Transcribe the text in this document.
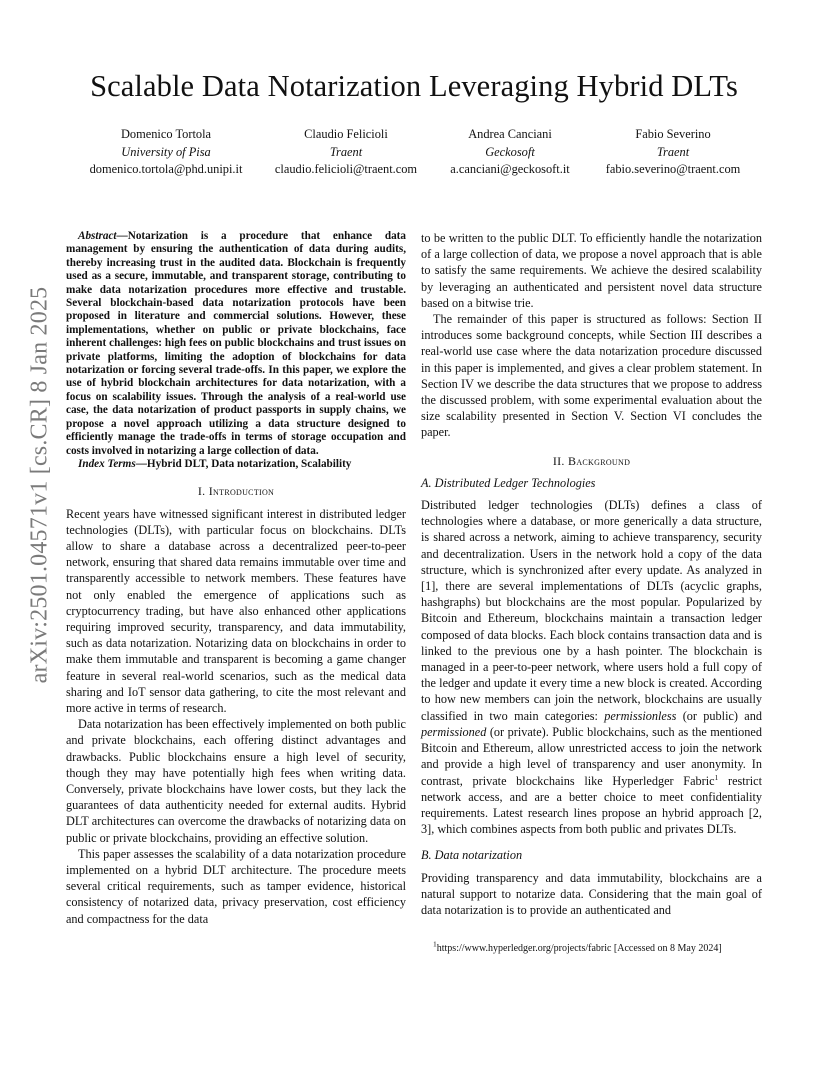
Scalable Data Notarization Leveraging Hybrid DLTs
Domenico Tortola
University of Pisa
domenico.tortola@phd.unipi.it
Claudio Felicioli
Traent
claudio.felicioli@traent.com
Andrea Canciani
Geckosoft
a.canciani@geckosoft.it
Fabio Severino
Traent
fabio.severino@traent.com
arXiv:2501.04571v1 [cs.CR] 8 Jan 2025

Abstract—Notarization is a procedure that enhance data management by ensuring the authentication of data during audits, thereby increasing trust in the audited data. Blockchain is frequently used as a secure, immutable, and transparent storage, contributing to make data notarization procedures more effective and trustable. Several blockchain-based data notarization protocols have been proposed in literature and commercial solutions. However, these implementations, whether on public or private blockchains, face inherent challenges: high fees on public blockchains and trust issues on private platforms, limiting the adoption of blockchains for data notarization or forcing several trade-offs. In this paper, we explore the use of hybrid blockchain architectures for data notarization, with a focus on scalability issues. Through the analysis of a real-world use case, the data notarization of product passports in supply chains, we propose a novel approach utilizing a data structure designed to efficiently manage the trade-offs in terms of storage occupation and costs involved in notarizing a large collection of data.

Index Terms—Hybrid DLT, Data notarization, Scalability

I. Introduction

Recent years have witnessed significant interest in distributed ledger technologies (DLTs), with particular focus on blockchains. DLTs allow to share a database across a decentralized peer-to-peer network, ensuring that shared data remains immutable over time and transparently accessible to network members. These features have not only enabled the emergence of applications such as cryptocurrency trading, but have also enhanced other applications requiring improved security, transparency, and data immutability, such as data notarization. Notarizing data on blockchains in order to make them immutable and transparent is becoming a game changer feature in several real-world scenarios, such as the medical data sharing and IoT sensor data gathering, to cite the most relevant and more active in terms of research.

Data notarization has been effectively implemented on both public and private blockchains, each offering distinct advantages and drawbacks. Public blockchains ensure a high level of security, though they may have potentially high fees when writing data. Conversely, private blockchains have lower costs, but they lack the guarantees of data authenticity needed for external audits. Hybrid DLT architectures can overcome the drawbacks of notarizing data on public or private blockchains, providing an effective solution.

This paper assesses the scalability of a data notarization procedure implemented on a hybrid DLT architecture. The procedure meets several critical requirements, such as tamper evidence, historical consistency of notarized data, privacy preservation, cost efficiency and compactness for the data

to be written to the public DLT. To efficiently handle the notarization of a large collection of data, we propose a novel approach that is able to satisfy the same requirements. We achieve the desired scalability by leveraging an authenticated and persistent novel data structure based on a bitwise trie.

The remainder of this paper is structured as follows: Section II introduces some background concepts, while Section III describes a real-world use case where the data notarization procedure discussed in this paper is implemented, and gives a clear problem statement. In Section IV we describe the data structures that we propose to address the discussed problem, with some experimental evaluation about the size scalability presented in Section V. Section VI concludes the paper.

II. Background
A. Distributed Ledger Technologies

Distributed ledger technologies (DLTs) defines a class of technologies where a database, or more generically a data structure, is shared across a network, aiming to achieve transparency, security and decentralization. Users in the network hold a copy of the data structure, which is synchronized after every update. As analyzed in [1], there are several implementations of DLTs (acyclic graphs, hashgraphs) but blockchains are the most popular. Popularized by Bitcoin and Ethereum, blockchains maintain a transaction ledger composed of data blocks. Each block contains transaction data and is linked to the previous one by a hash pointer. The blockchain is managed in a peer-to-peer network, where users hold a full copy of the ledger and update it every time a new block is created. According to how new members can join the network, blockchains are usually classified in two main categories: permissionless (or public) and permissioned (or private). Public blockchains, such as the mentioned Bitcoin and Ethereum, allow unrestricted access to join the network and provide a high level of transparency and user anonymity. In contrast, private blockchains like Hyperledger Fabric$^1$ restrict network access, and are a better choice to meet confidentiality requirements. Latest research lines propose an hybrid approach [2, 3], which combines aspects from both public and privates DLTs.

B. Data notarization

Providing transparency and data immutability, blockchains are a natural support to notarize data. Considering that the main goal of data notarization is to provide an authenticated and

$^1$https://www.hyperledger.org/projects/fabric [Accessed on 8 May 2024]
